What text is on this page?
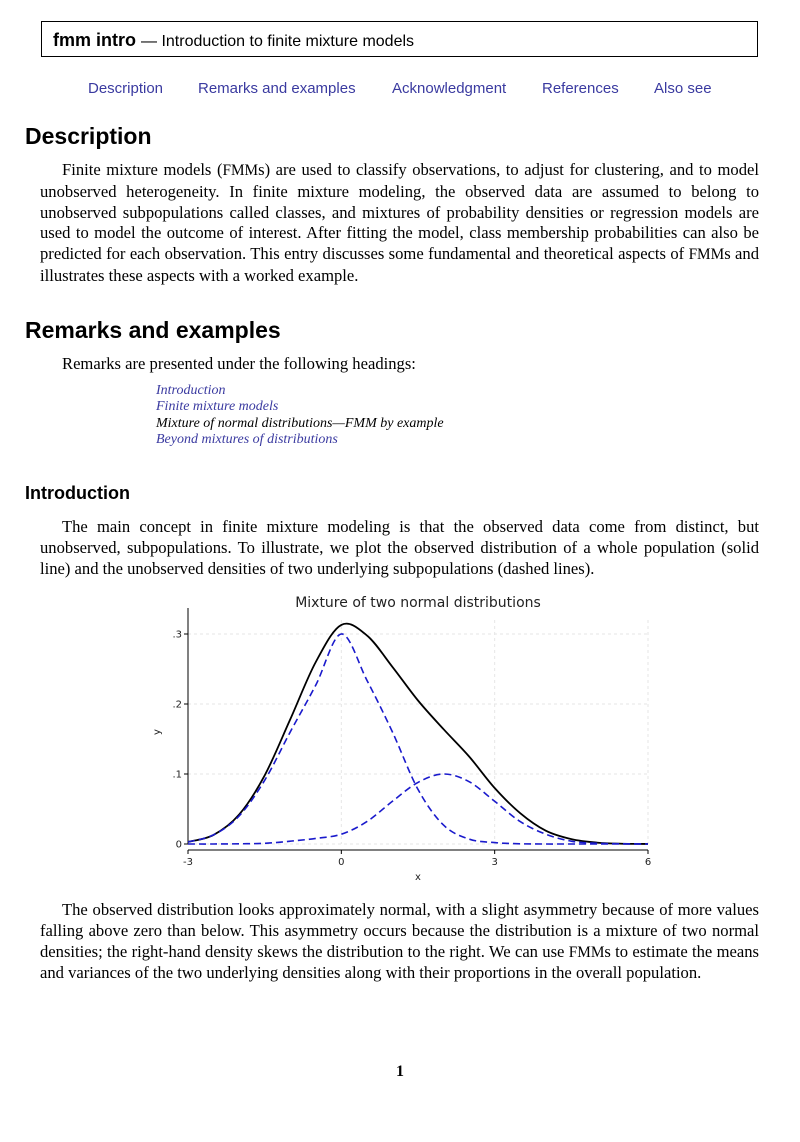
fmm intro — Introduction to finite mixture models
Description Remarks and examples Acknowledgment References Also see
Description

Finite mixture models (FMMs) are used to classify observations, to adjust for clustering, and to model unobserved heterogeneity. In finite mixture modeling, the observed data are assumed to belong to unobserved subpopulations called classes, and mixtures of probability densities or regression models are used to model the outcome of interest. After fitting the model, class membership probabilities can also be predicted for each observation. This entry discusses some fundamental and theoretical aspects of FMMs and illustrates these aspects with a worked example.

Remarks and examples

Remarks are presented under the following headings:

Introduction
Finite mixture models
Mixture of normal distributions—FMM by example
Beyond mixtures of distributions
Introduction

The main concept in finite mixture modeling is that the observed data come from distinct, but unobserved, subpopulations. To illustrate, we plot the observed distribution of a whole population (solid line) and the unobserved densities of two underlying subpopulations (dashed lines).

Mixture of two normal distributions
.3
.2
.1
0
-3	0	3	6
x
y

The observed distribution looks approximately normal, with a slight asymmetry because of more values falling above zero than below. This asymmetry occurs because the distribution is a mixture of two normal densities; the right-hand density skews the distribution to the right. We can use FMMs to estimate the means and variances of the two underlying densities along with their proportions in the overall population.

1
